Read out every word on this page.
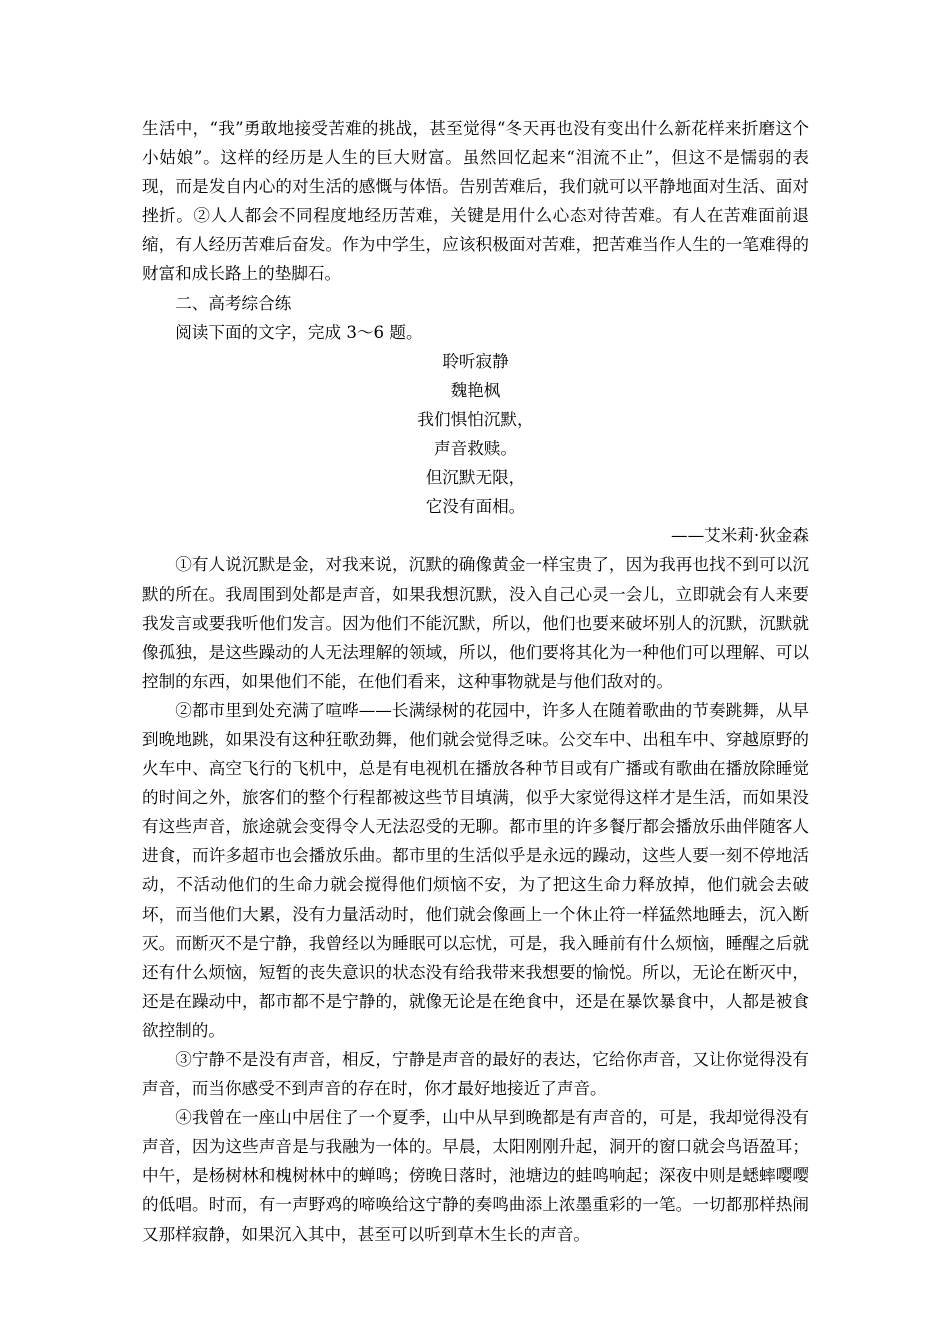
生活中，“我”勇敢地接受苦难的挑战，甚至觉得“冬天再也没有变出什么新花样来折磨这个小姑娘”。这样的经历是人生的巨大财富。虽然回忆起来“泪流不止”，但这不是懦弱的表现，而是发自内心的对生活的感慨与体悟。告别苦难后，我们就可以平静地面对生活、面对挫折。②人人都会不同程度地经历苦难，关键是用什么心态对待苦难。有人在苦难面前退缩，有人经历苦难后奋发。作为中学生，应该积极面对苦难，把苦难当作人生的一笔难得的财富和成长路上的垫脚石。

二、高考综合练

阅读下面的文字，完成 3～6 题。

聆听寂静

魏艳枫

我们惧怕沉默，

声音救赎。

但沉默无限，

它没有面相。

——艾米莉·狄金森

①有人说沉默是金，对我来说，沉默的确像黄金一样宝贵了，因为我再也找不到可以沉默的所在。我周围到处都是声音，如果我想沉默，没入自己心灵一会儿，立即就会有人来要我发言或要我听他们发言。因为他们不能沉默，所以，他们也要来破坏别人的沉默，沉默就像孤独，是这些躁动的人无法理解的领域，所以，他们要将其化为一种他们可以理解、可以控制的东西，如果他们不能，在他们看来，这种事物就是与他们敌对的。

②都市里到处充满了喧哗——长满绿树的花园中，许多人在随着歌曲的节奏跳舞，从早到晚地跳，如果没有这种狂歌劲舞，他们就会觉得乏味。公交车中、出租车中、穿越原野的火车中、高空飞行的飞机中，总是有电视机在播放各种节目或有广播或有歌曲在播放除睡觉的时间之外，旅客们的整个行程都被这些节目填满，似乎大家觉得这样才是生活，而如果没有这些声音，旅途就会变得令人无法忍受的无聊。都市里的许多餐厅都会播放乐曲伴随客人进食，而许多超市也会播放乐曲。都市里的生活似乎是永远的躁动，这些人要一刻不停地活动，不活动他们的生命力就会搅得他们烦恼不安，为了把这生命力释放掉，他们就会去破坏，而当他们大累，没有力量活动时，他们就会像画上一个休止符一样猛然地睡去，沉入断灭。而断灭不是宁静，我曾经以为睡眠可以忘忧，可是，我入睡前有什么烦恼，睡醒之后就还有什么烦恼，短暂的丧失意识的状态没有给我带来我想要的愉悦。所以，无论在断灭中，还是在躁动中，都市都不是宁静的，就像无论是在绝食中，还是在暴饮暴食中，人都是被食欲控制的。

③宁静不是没有声音，相反，宁静是声音的最好的表达，它给你声音，又让你觉得没有声音，而当你感受不到声音的存在时，你才最好地接近了声音。

④我曾在一座山中居住了一个夏季，山中从早到晚都是有声音的，可是，我却觉得没有声音，因为这些声音是与我融为一体的。早晨，太阳刚刚升起，洞开的窗口就会鸟语盈耳；中午，是杨树林和槐树林中的蝉鸣；傍晚日落时，池塘边的蛙鸣响起；深夜中则是蟋蟀嘤嘤的低唱。时而，有一声野鸡的啼唤给这宁静的奏鸣曲添上浓墨重彩的一笔。一切都那样热闹又那样寂静，如果沉入其中，甚至可以听到草木生长的声音。
